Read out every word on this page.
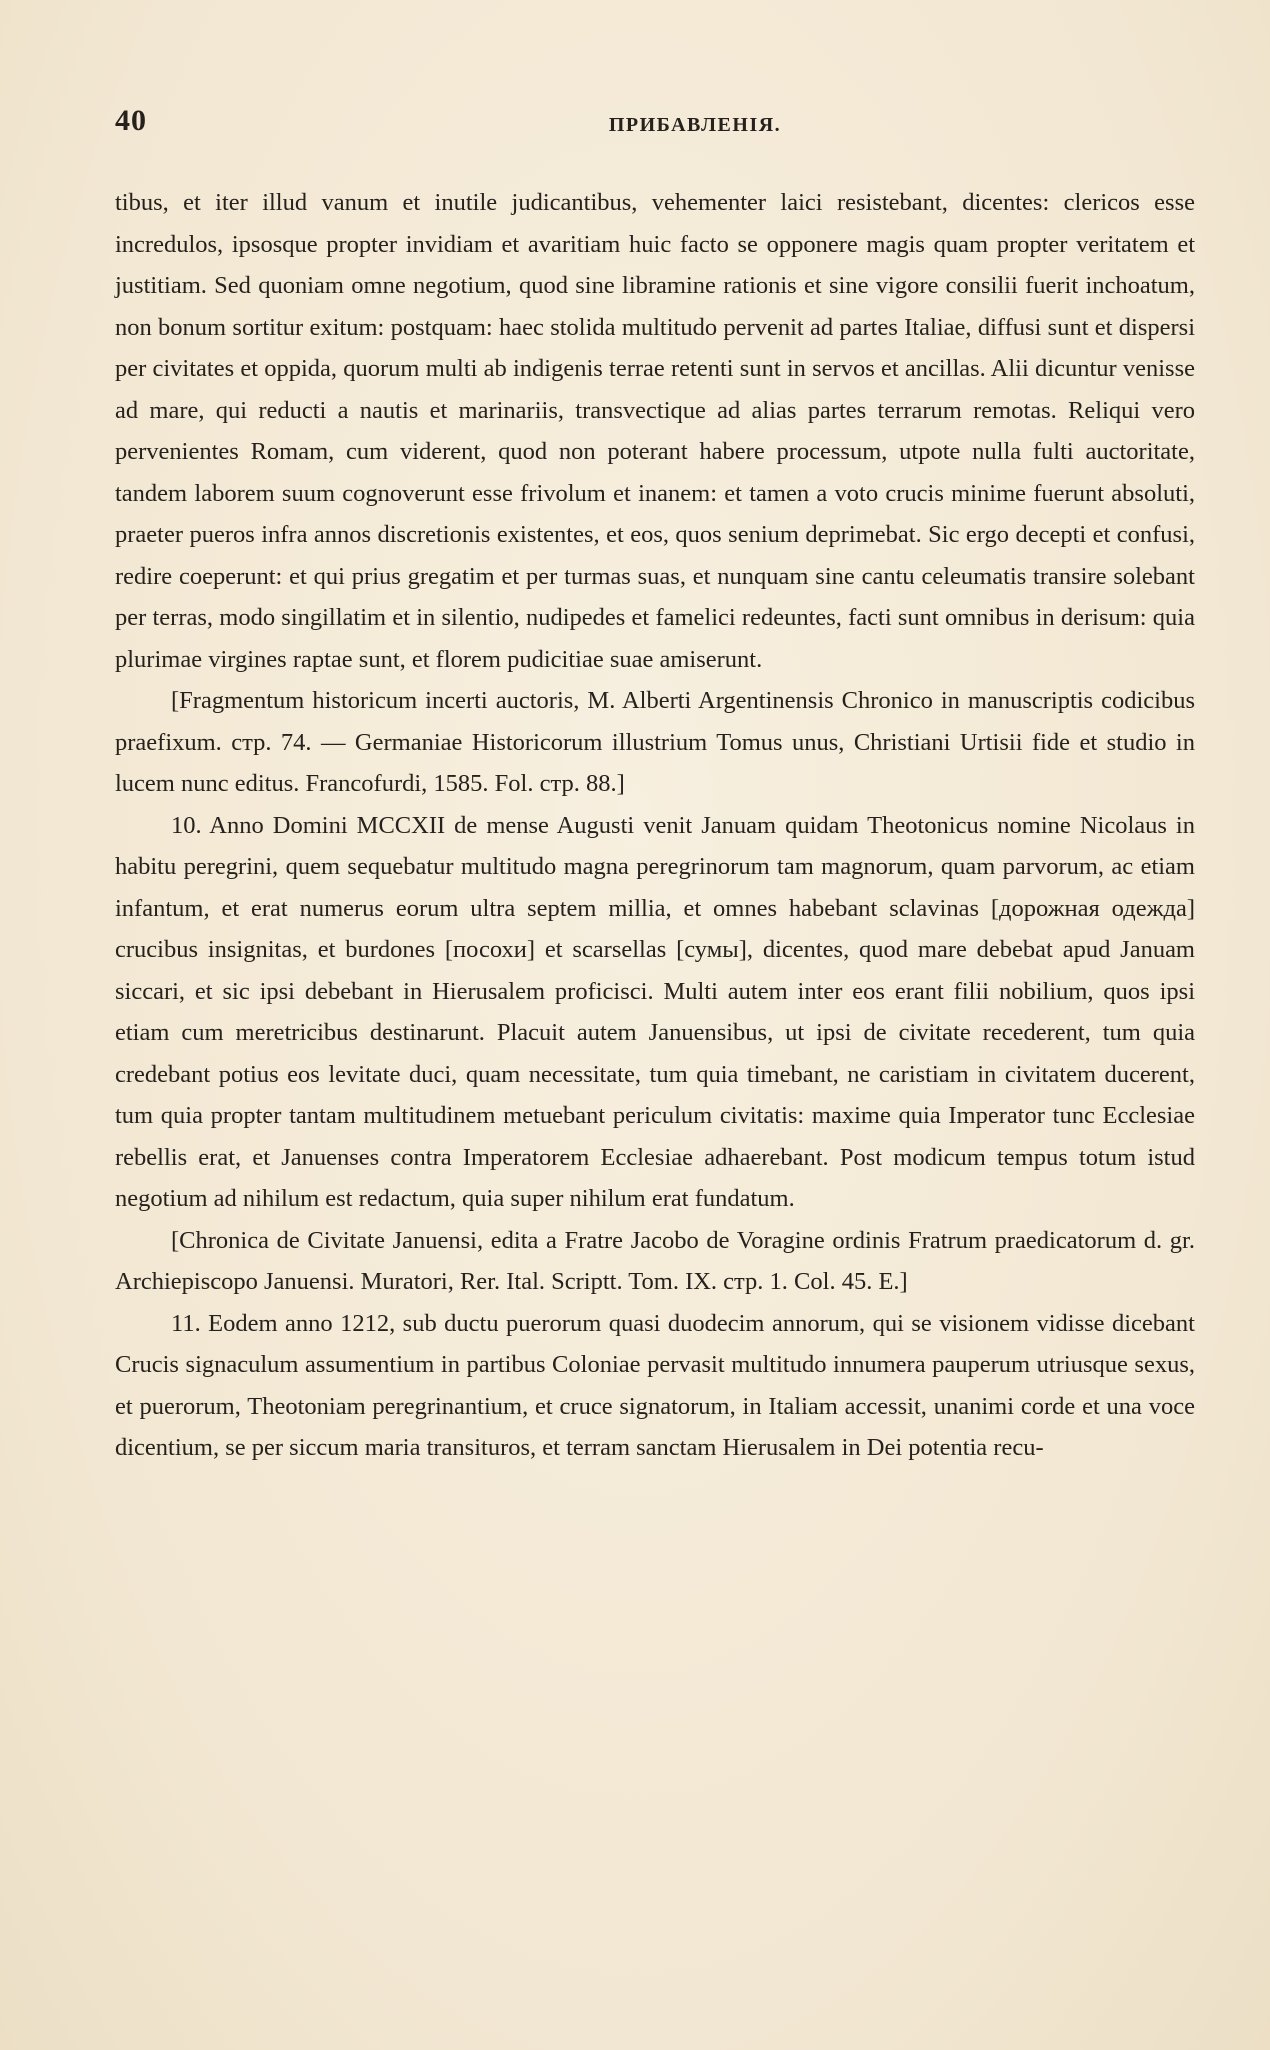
40	ПРИБАВЛЕНІЯ.

tibus, et iter illud vanum et inutile judicantibus, vehementer laici resistebant, dicentes: clericos esse incredulos, ipsosque propter invidiam et avaritiam huic facto se opponere magis quam propter veritatem et justitiam. Sed quoniam omne negotium, quod sine libramine rationis et sine vigore consilii fuerit inchoatum, non bonum sortitur exitum: postquam: haec stolida multitudo pervenit ad partes Italiae, diffusi sunt et dispersi per civitates et oppida, quorum multi ab indigenis terrae retenti sunt in servos et ancillas. Alii dicuntur venisse ad mare, qui reducti a nautis et marinariis, transvectique ad alias partes terrarum remotas. Reliqui vero pervenientes Romam, cum viderent, quod non poterant habere processum, utpote nulla fulti auctoritate, tandem laborem suum cognoverunt esse frivolum et inanem: et tamen a voto crucis minime fuerunt absoluti, praeter pueros infra annos discretionis existentes, et eos, quos senium deprimebat. Sic ergo decepti et confusi, redire coeperunt: et qui prius gregatim et per turmas suas, et nunquam sine cantu celeumatis transire solebant per terras, modo singillatim et in silentio, nudipedes et famelici redeuntes, facti sunt omnibus in derisum: quia plurimae virgines raptae sunt, et florem pudicitiae suae amiserunt.

[Fragmentum historicum incerti auctoris, M. Alberti Argentinensis Chronico in manuscriptis codicibus praefixum. стр. 74. — Germaniae Historicorum illustrium Tomus unus, Christiani Urtisii fide et studio in lucem nunc editus. Francofurdi, 1585. Fol. стр. 88.]

10. Anno Domini MCCXII de mense Augusti venit Januam quidam Theotonicus nomine Nicolaus in habitu peregrini, quem sequebatur multitudo magna peregrinorum tam magnorum, quam parvorum, ac etiam infantum, et erat numerus eorum ultra septem millia, et omnes habebant sclavinas [дорожная одежда] crucibus insignitas, et burdones [посохи] et scarsellas [сумы], dicentes, quod mare debebat apud Januam siccari, et sic ipsi debebant in Hierusalem proficisci. Multi autem inter eos erant filii nobilium, quos ipsi etiam cum meretricibus destinarunt. Placuit autem Januensibus, ut ipsi de civitate recederent, tum quia credebant potius eos levitate duci, quam necessitate, tum quia timebant, ne caristiam in civitatem ducerent, tum quia propter tantam multitudinem metuebant periculum civitatis: maxime quia Imperator tunc Ecclesiae rebellis erat, et Januenses contra Imperatorem Ecclesiae adhaerebant. Post modicum tempus totum istud negotium ad nihilum est redactum, quia super nihilum erat fundatum.

[Chronica de Civitate Januensi, edita a Fratre Jacobo de Voragine ordinis Fratrum praedicatorum d. gr. Archiepiscopo Januensi. Muratori, Rer. Ital. Scriptt. Tom. IX. стр. 1. Col. 45. E.]

11. Eodem anno 1212, sub ductu puerorum quasi duodecim annorum, qui se visionem vidisse dicebant Crucis signaculum assumentium in partibus Coloniae pervasit multitudo innumera pauperum utriusque sexus, et puerorum, Theotoniam peregrinantium, et cruce signatorum, in Italiam accessit, unanimi corde et una voce dicentium, se per siccum maria transituros, et terram sanctam Hierusalem in Dei potentia recu-
